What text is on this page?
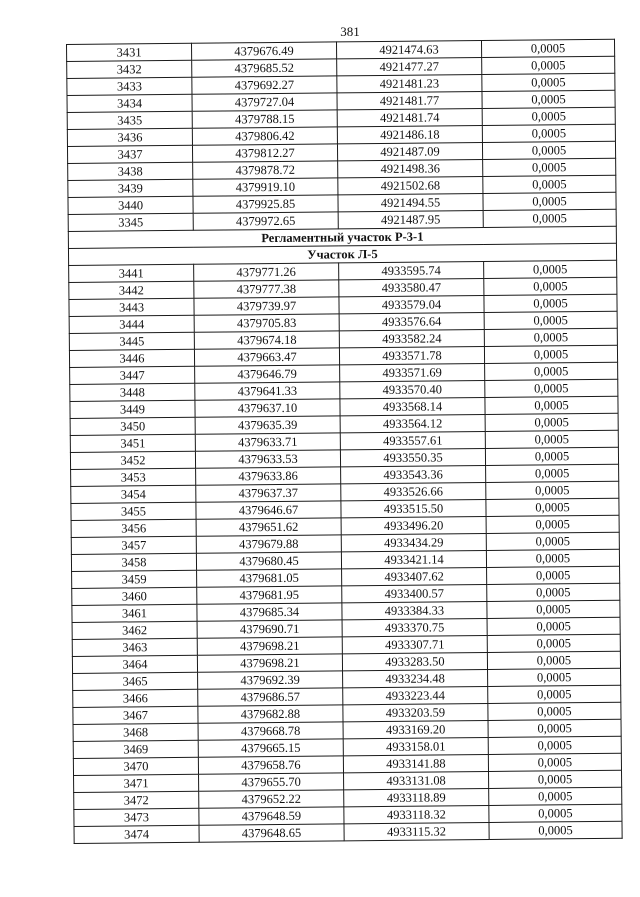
381
3431	4379676.49	4921474.63	0,0005
3432	4379685.52	4921477.27	0,0005
3433	4379692.27	4921481.23	0,0005
3434	4379727.04	4921481.77	0,0005
3435	4379788.15	4921481.74	0,0005
3436	4379806.42	4921486.18	0,0005
3437	4379812.27	4921487.09	0,0005
3438	4379878.72	4921498.36	0,0005
3439	4379919.10	4921502.68	0,0005
3440	4379925.85	4921494.55	0,0005
3345	4379972.65	4921487.95	0,0005
Регламентный участок Р-3-1			
Участок Л-5			
3441	4379771.26	4933595.74	0,0005
3442	4379777.38	4933580.47	0,0005
3443	4379739.97	4933579.04	0,0005
3444	4379705.83	4933576.64	0,0005
3445	4379674.18	4933582.24	0,0005
3446	4379663.47	4933571.78	0,0005
3447	4379646.79	4933571.69	0,0005
3448	4379641.33	4933570.40	0,0005
3449	4379637.10	4933568.14	0,0005
3450	4379635.39	4933564.12	0,0005
3451	4379633.71	4933557.61	0,0005
3452	4379633.53	4933550.35	0,0005
3453	4379633.86	4933543.36	0,0005
3454	4379637.37	4933526.66	0,0005
3455	4379646.67	4933515.50	0,0005
3456	4379651.62	4933496.20	0,0005
3457	4379679.88	4933434.29	0,0005
3458	4379680.45	4933421.14	0,0005
3459	4379681.05	4933407.62	0,0005
3460	4379681.95	4933400.57	0,0005
3461	4379685.34	4933384.33	0,0005
3462	4379690.71	4933370.75	0,0005
3463	4379698.21	4933307.71	0,0005
3464	4379698.21	4933283.50	0,0005
3465	4379692.39	4933234.48	0,0005
3466	4379686.57	4933223.44	0,0005
3467	4379682.88	4933203.59	0,0005
3468	4379668.78	4933169.20	0,0005
3469	4379665.15	4933158.01	0,0005
3470	4379658.76	4933141.88	0,0005
3471	4379655.70	4933131.08	0,0005
3472	4379652.22	4933118.89	0,0005
3473	4379648.59	4933118.32	0,0005
3474	4379648.65	4933115.32	0,0005
